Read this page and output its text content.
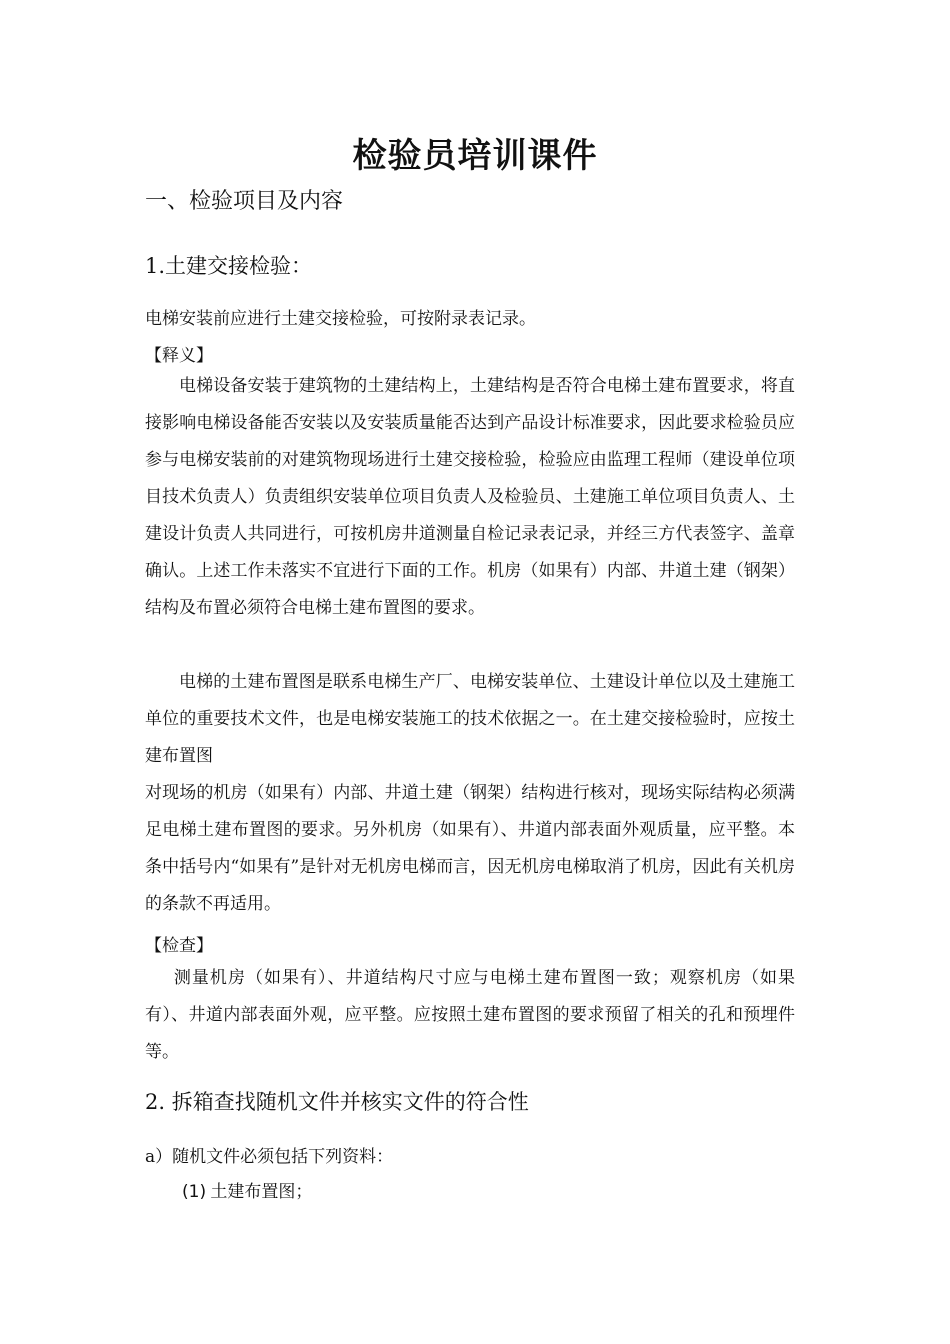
检验员培训课件
一、检验项目及内容
1.土建交接检验：
电梯安装前应进行土建交接检验，可按附录表记录。
【释义】

电梯设备安装于建筑物的土建结构上，土建结构是否符合电梯土建布置要求，将直接影响电梯设备能否安装以及安装质量能否达到产品设计标准要求，因此要求检验员应参与电梯安装前的对建筑物现场进行土建交接检验，检验应由监理工程师（建设单位项目技术负责人）负责组织安装单位项目负责人及检验员、土建施工单位项目负责人、土建设计负责人共同进行，可按机房井道测量自检记录表记录，并经三方代表签字、盖章确认。上述工作未落实不宜进行下面的工作。机房（如果有）内部、井道土建（钢架）结构及布置必须符合电梯土建布置图的要求。

电梯的土建布置图是联系电梯生产厂、电梯安装单位、土建设计单位以及土建施工单位的重要技术文件，也是电梯安装施工的技术依据之一。在土建交接检验时，应按土建布置图

对现场的机房（如果有）内部、井道土建（钢架）结构进行核对，现场实际结构必须满足电梯土建布置图的要求。另外机房（如果有）、井道内部表面外观质量，应平整。本条中括号内“如果有”是针对无机房电梯而言，因无机房电梯取消了机房，因此有关机房的条款不再适用。

【检查】

测量机房（如果有）、井道结构尺寸应与电梯土建布置图一致；观察机房（如果有）、井道内部表面外观，应平整。应按照土建布置图的要求预留了相关的孔和预埋件等。

2. 拆箱查找随机文件并核实文件的符合性
a）随机文件必须包括下列资料：
(1) 土建布置图；
